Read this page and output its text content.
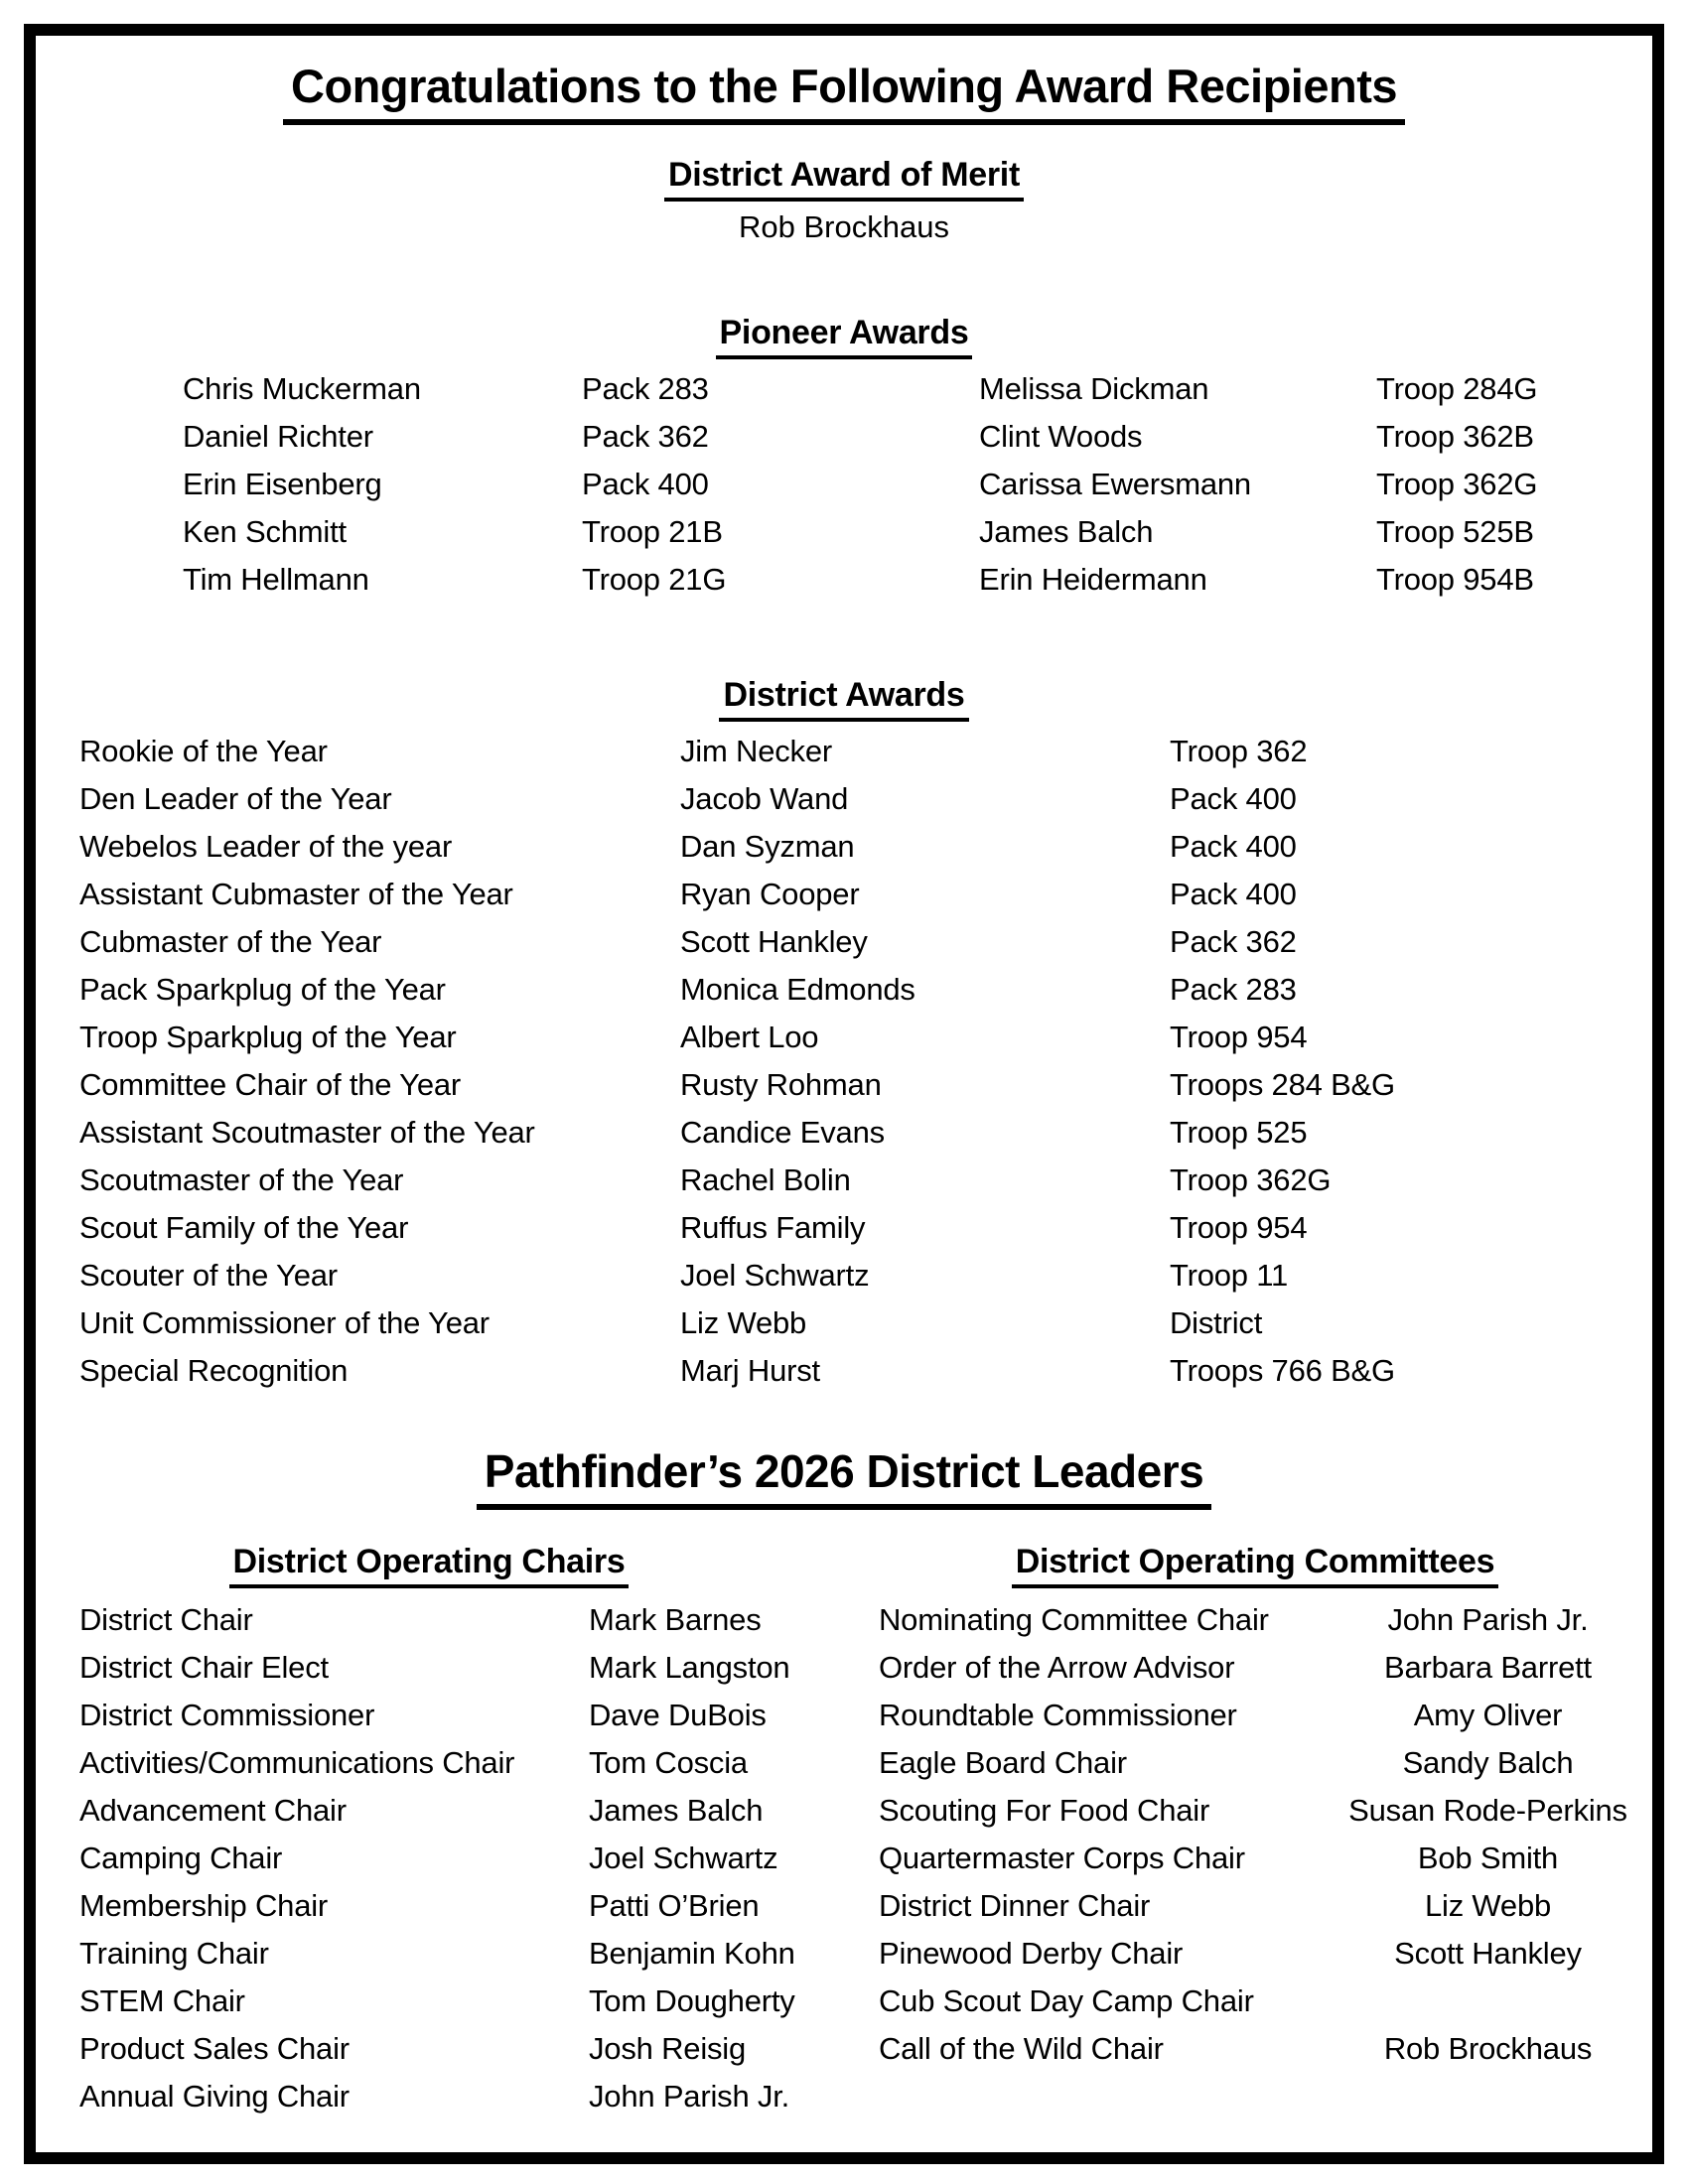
Congratulations to the Following Award Recipients
District Award of Merit
Rob Brockhaus
Pioneer Awards
Chris Muckerman	Pack 283	Melissa Dickman	Troop 284G
Daniel Richter	Pack 362	Clint Woods	Troop 362B
Erin Eisenberg	Pack 400	Carissa Ewersmann	Troop 362G
Ken Schmitt	Troop 21B	James Balch	Troop 525B
Tim Hellmann	Troop 21G	Erin Heidermann	Troop 954B
District Awards
Rookie of the Year	Jim Necker	Troop 362
Den Leader of the Year	Jacob Wand	Pack 400
Webelos Leader of the year	Dan Syzman	Pack 400
Assistant Cubmaster of the Year	Ryan Cooper	Pack 400
Cubmaster of the Year	Scott Hankley	Pack 362
Pack Sparkplug of the Year	Monica Edmonds	Pack 283
Troop Sparkplug of the Year	Albert Loo	Troop 954
Committee Chair of the Year	Rusty Rohman	Troops 284 B&G
Assistant Scoutmaster of the Year	Candice Evans	Troop 525
Scoutmaster of the Year	Rachel Bolin	Troop 362G
Scout Family of the Year	Ruffus Family	Troop 954
Scouter of the Year	Joel Schwartz	Troop 11
Unit Commissioner of the Year	Liz Webb	District
Special Recognition	Marj Hurst	Troops 766 B&G
Pathfinder’s 2026 District Leaders
District Operating Chairs
District Chair	Mark Barnes
District Chair Elect	Mark Langston
District Commissioner	Dave DuBois
Activities/Communications Chair	Tom Coscia
Advancement Chair	James Balch
Camping Chair	Joel Schwartz
Membership Chair	Patti O’Brien
Training Chair	Benjamin Kohn
STEM Chair	Tom Dougherty
Product Sales Chair	Josh Reisig
Annual Giving Chair	John Parish Jr.
District Operating Committees
Nominating Committee Chair	John Parish Jr.
Order of the Arrow Advisor	Barbara Barrett
Roundtable Commissioner	Amy Oliver
Eagle Board Chair	Sandy Balch
Scouting For Food Chair	Susan Rode-Perkins
Quartermaster Corps Chair	Bob Smith
District Dinner Chair	Liz Webb
Pinewood Derby Chair	Scott Hankley
Cub Scout Day Camp Chair
Call of the Wild Chair	Rob Brockhaus
